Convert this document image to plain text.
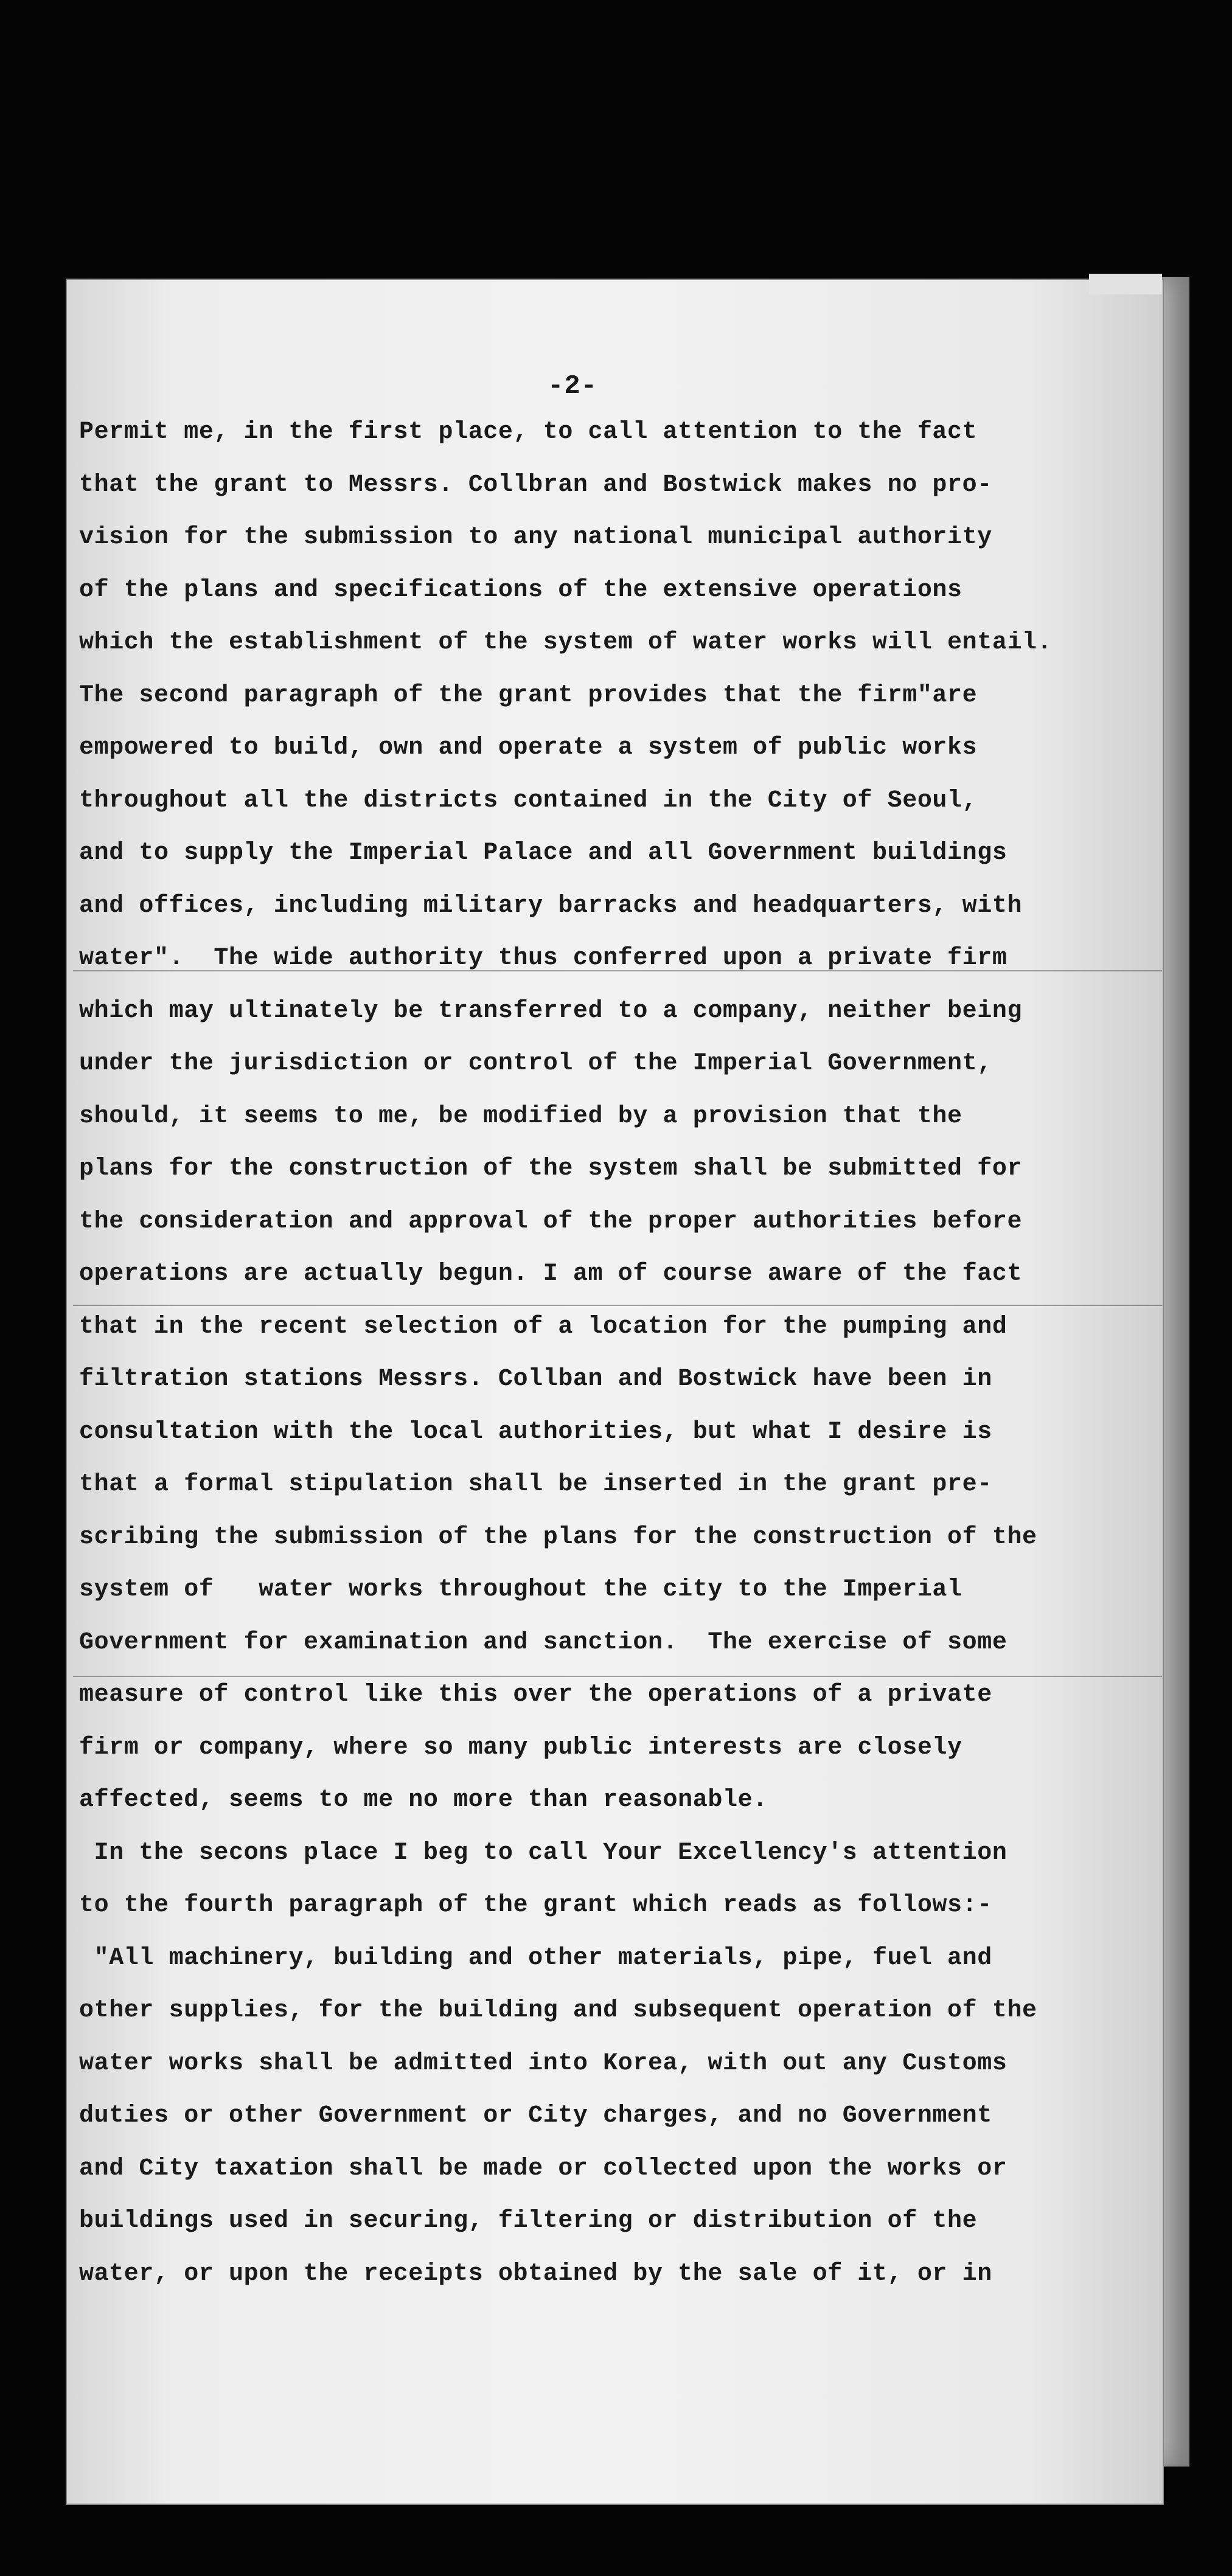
-2-
Permit me, in the first place, to call attention to the fact
that the grant to Messrs. Collbran and Bostwick makes no pro-
vision for the submission to any national municipal authority
of the plans and specifications of the extensive operations
which the establishment of the system of water works will entail.
The second paragraph of the grant provides that the firm"are
empowered to build, own and operate a system of public works
throughout all the districts contained in the City of Seoul,
and to supply the Imperial Palace and all Government buildings
and offices, including military barracks and headquarters, with
water".  The wide authority thus conferred upon a private firm
which may ultinately be transferred to a company, neither being
under the jurisdiction or control of the Imperial Government,
should, it seems to me, be modified by a provision that the
plans for the construction of the system shall be submitted for
the consideration and approval of the proper authorities before
operations are actually begun. I am of course aware of the fact
that in the recent selection of a location for the pumping and
filtration stations Messrs. Collban and Bostwick have been in
consultation with the local authorities, but what I desire is
that a formal stipulation shall be inserted in the grant pre-
scribing the submission of the plans for the construction of the
system of   water works throughout the city to the Imperial
Government for examination and sanction.  The exercise of some
measure of control like this over the operations of a private
firm or company, where so many public interests are closely
affected, seems to me no more than reasonable.
In the secons place I beg to call Your Excellency's attention
to the fourth paragraph of the grant which reads as follows:-
"All machinery, building and other materials, pipe, fuel and
other supplies, for the building and subsequent operation of the
water works shall be admitted into Korea, with out any Customs
duties or other Government or City charges, and no Government
and City taxation shall be made or collected upon the works or
buildings used in securing, filtering or distribution of the
water, or upon the receipts obtained by the sale of it, or in
